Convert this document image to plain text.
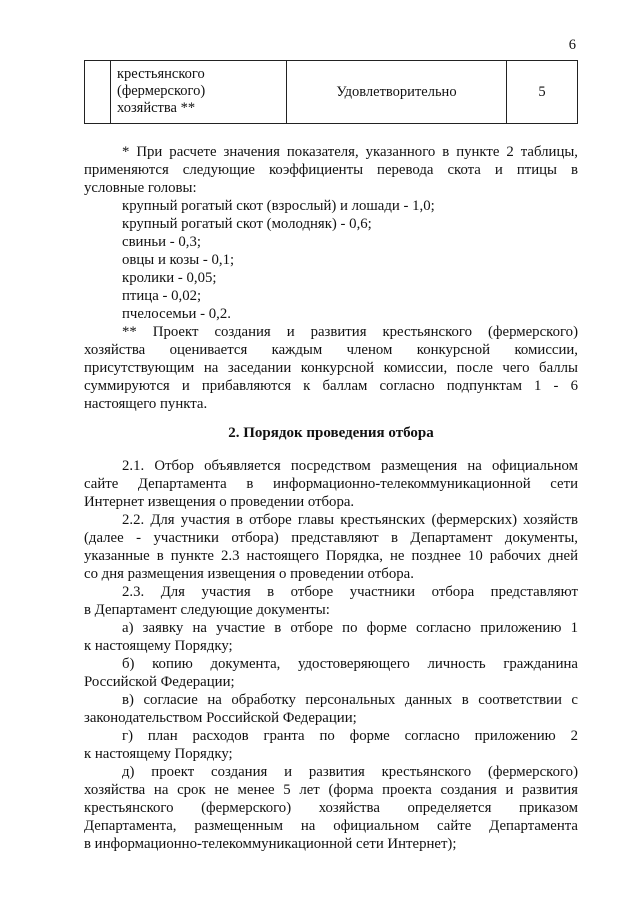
6
крестьянского
(фермерского)
хозяйства **
Удовлетворительно	5
* При расчете значения показателя, указанного в пункте 2 таблицы,
применяются следующие коэффициенты перевода скота и птицы в
условные головы:
крупный рогатый скот (взрослый) и лошади - 1,0;
крупный рогатый скот (молодняк) - 0,6;
свиньи - 0,3;
овцы и козы - 0,1;
кролики - 0,05;
птица - 0,02;
пчелосемьи - 0,2.
** Проект создания и развития крестьянского (фермерского)
хозяйства оценивается каждым членом конкурсной комиссии,
присутствующим на заседании конкурсной комиссии, после чего баллы
суммируются и прибавляются к баллам согласно подпунктам 1 - 6
настоящего пункта.
2. Порядок проведения отбора
2.1. Отбор объявляется посредством размещения на официальном
сайте Департамента в информационно-телекоммуникационной сети
Интернет извещения о проведении отбора.
2.2. Для участия в отборе главы крестьянских (фермерских) хозяйств
(далее - участники отбора) представляют в Департамент документы,
указанные в пункте 2.3 настоящего Порядка, не позднее 10 рабочих дней
со дня размещения извещения о проведении отбора.
2.3. Для участия в отборе участники отбора представляют
в Департамент следующие документы:
а) заявку на участие в отборе по форме согласно приложению 1
к настоящему Порядку;
б) копию документа, удостоверяющего личность гражданина
Российской Федерации;
в) согласие на обработку персональных данных в соответствии с
законодательством Российской Федерации;
г) план расходов гранта по форме согласно приложению 2
к настоящему Порядку;
д) проект создания и развития крестьянского (фермерского)
хозяйства на срок не менее 5 лет (форма проекта создания и развития
крестьянского (фермерского) хозяйства определяется приказом
Департамента, размещенным на официальном сайте Департамента
в информационно-телекоммуникационной сети Интернет);
